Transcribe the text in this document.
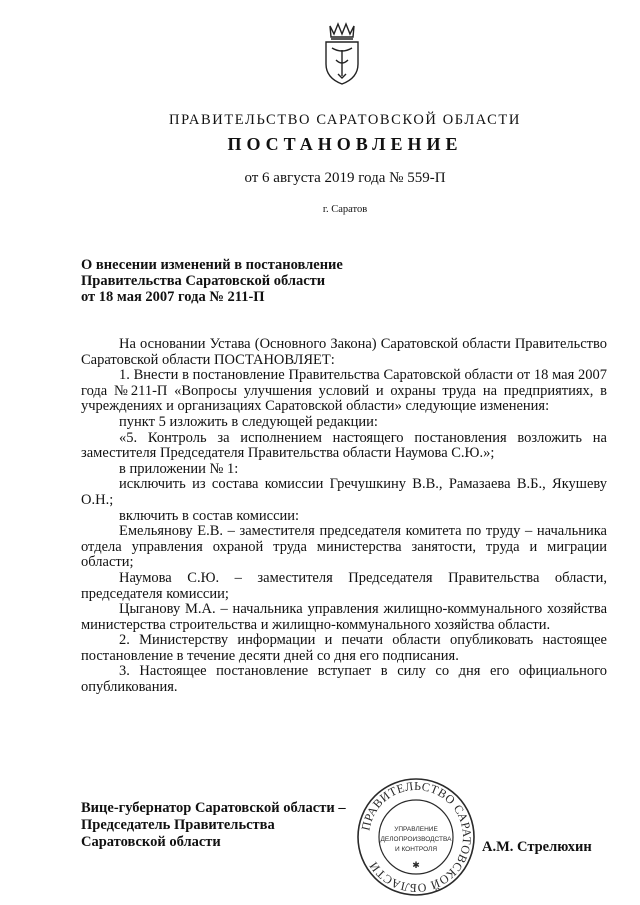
ПРАВИТЕЛЬСТВО САРАТОВСКОЙ ОБЛАСТИ
ПОСТАНОВЛЕНИЕ
от 6 августа 2019 года № 559-П
г. Саратов
О внесении изменений в постановление
Правительства Саратовской области
от 18 мая 2007 года № 211-П

На основании Устава (Основного Закона) Саратовской области Правительство Саратовской области ПОСТАНОВЛЯЕТ:

1. Внести в постановление Правительства Саратовской области от 18 мая 2007 года №211-П «Вопросы улучшения условий и охраны труда на предприятиях, в учреждениях и организациях Саратовской области» следующие изменения:

пункт 5 изложить в следующей редакции:

«5. Контроль за исполнением настоящего постановления возложить на заместителя Председателя Правительства области Наумова С.Ю.»;

в приложении № 1:

исключить из состава комиссии Гречушкину В.В., Рамазаева В.Б., Якушеву О.Н.;

включить в состав комиссии:

Емельянову Е.В. – заместителя председателя комитета по труду – начальника отдела управления охраной труда министерства занятости, труда и миграции области;

Наумова С.Ю. – заместителя Председателя Правительства области, председателя комиссии;

Цыганову М.А. – начальника управления жилищно-коммунального хозяйства министерства строительства и жилищно-коммунального хозяйства области.

2. Министерству информации и печати области опубликовать настоящее постановление в течение десяти дней со дня его подписания.

3. Настоящее постановление вступает в силу со дня его официального опубликования.

Вице-губернатор Саратовской области –
Председатель Правительства
Саратовской области
ПРАВИТЕЛЬСТВО САРАТОВСКОЙ ОБЛАСТИ
УПРАВЛЕНИЕ
ДЕЛОПРОИЗВОДСТВА
И КОНТРОЛЯ
✱
А.М. Стрелюхин
